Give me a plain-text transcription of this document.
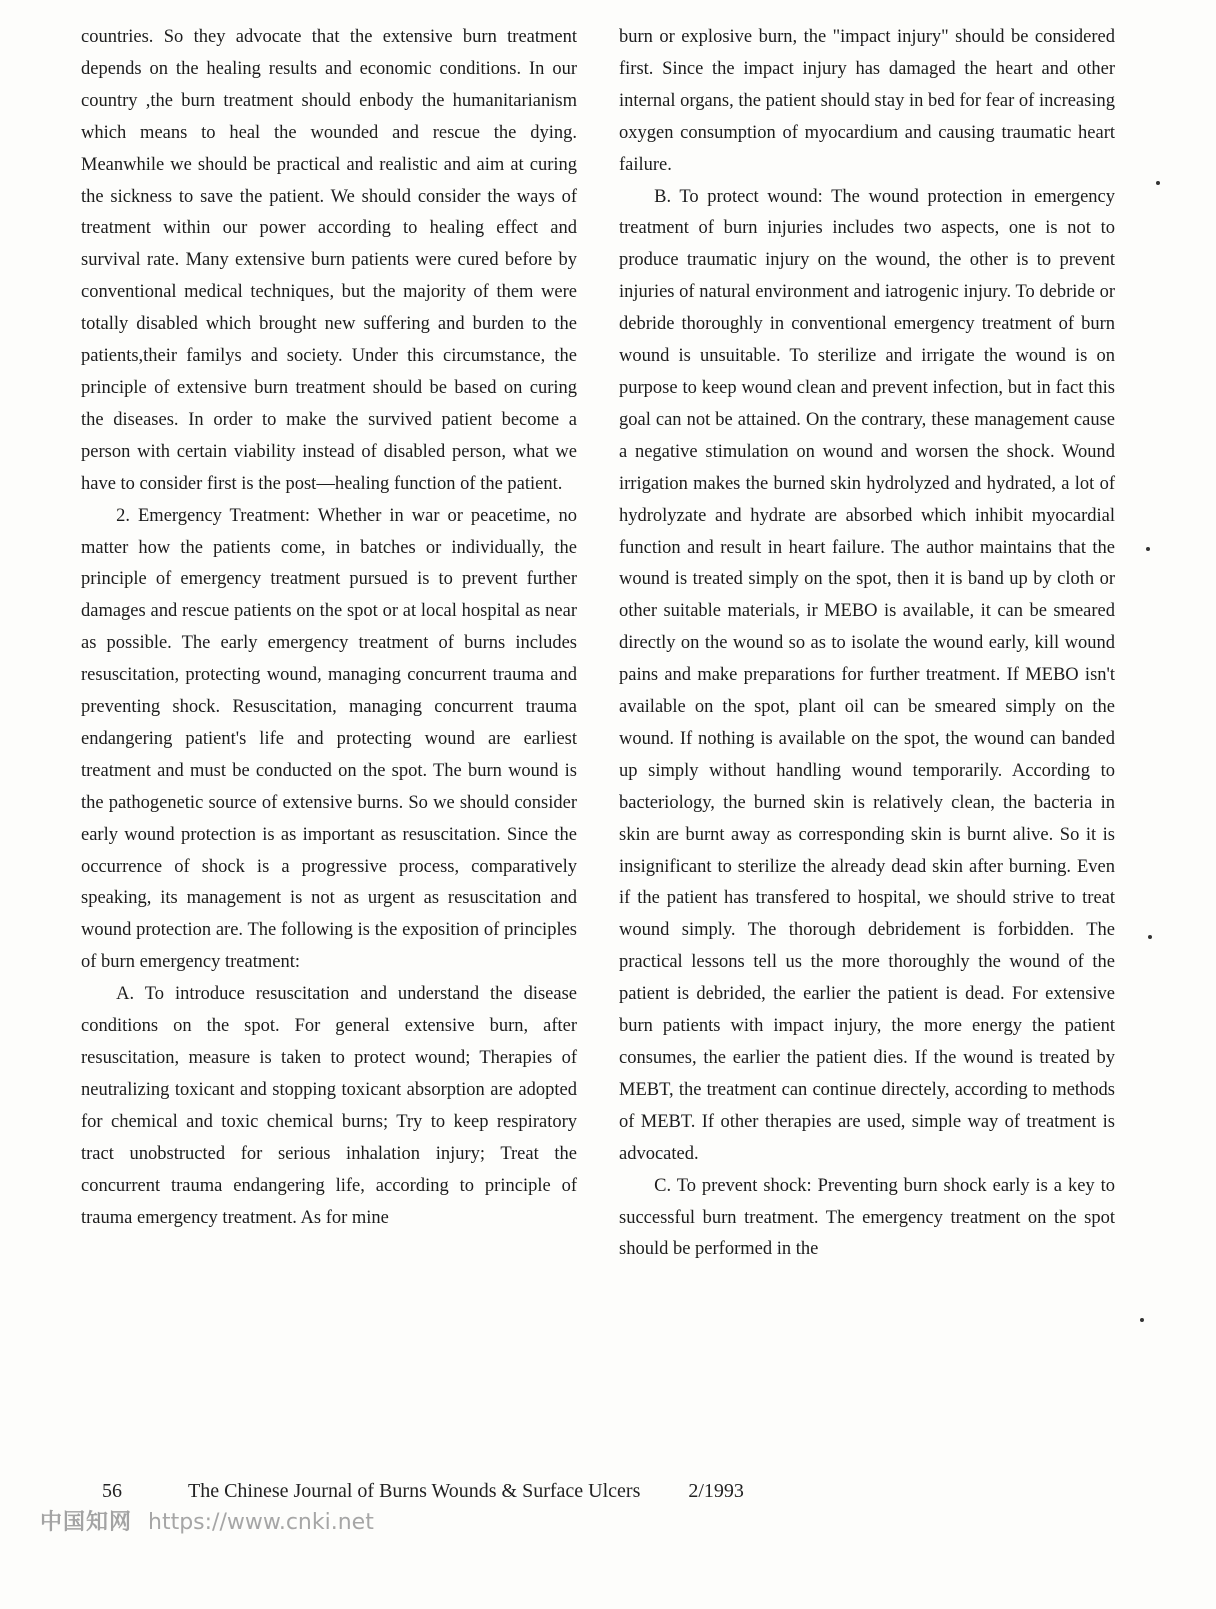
countries. So they advocate that the extensive burn treatment depends on the healing results and economic conditions. In our country ,the burn treatment should enbody the humanitarianism which means to heal the wounded and rescue the dying. Meanwhile we should be practical and realistic and aim at curing the sickness to save the patient. We should consider the ways of treatment within our power according to healing effect and survival rate. Many extensive burn patients were cured before by conventional medical techniques, but the majority of them were totally disabled which brought new suffering and burden to the patients,their familys and society. Under this circumstance, the principle of extensive burn treatment should be based on curing the diseases. In order to make the survived patient become a person with certain viability instead of disabled person, what we have to consider first is the post—healing function of the patient.

2. Emergency Treatment: Whether in war or peacetime, no matter how the patients come, in batches or individually, the principle of emergency treatment pursued is to prevent further damages and rescue patients on the spot or at local hospital as near as possible. The early emergency treatment of burns includes resuscitation, protecting wound, managing concurrent trauma and preventing shock. Resuscitation, managing concurrent trauma endangering patient's life and protecting wound are earliest treatment and must be conducted on the spot. The burn wound is the pathogenetic source of extensive burns. So we should consider early wound protection is as important as resuscitation. Since the occurrence of shock is a progressive process, comparatively speaking, its management is not as urgent as resuscitation and wound protection are. The following is the exposition of principles of burn emergency treatment:

A. To introduce resuscitation and understand the disease conditions on the spot. For general extensive burn, after resuscitation, measure is taken to protect wound; Therapies of neutralizing toxicant and stopping toxicant absorption are adopted for chemical and toxic chemical burns; Try to keep respiratory tract unobstructed for serious inhalation injury; Treat the concurrent trauma endangering life, according to principle of trauma emergency treatment. As for mine

burn or explosive burn, the "impact injury" should be considered first. Since the impact injury has damaged the heart and other internal organs, the patient should stay in bed for fear of increasing oxygen consumption of myocardium and causing traumatic heart failure.

B. To protect wound: The wound protection in emergency treatment of burn injuries includes two aspects, one is not to produce traumatic injury on the wound, the other is to prevent injuries of natural environment and iatrogenic injury. To debride or debride thoroughly in conventional emergency treatment of burn wound is unsuitable. To sterilize and irrigate the wound is on purpose to keep wound clean and prevent infection, but in fact this goal can not be attained. On the contrary, these management cause a negative stimulation on wound and worsen the shock. Wound irrigation makes the burned skin hydrolyzed and hydrated, a lot of hydrolyzate and hydrate are absorbed which inhibit myocardial function and result in heart failure. The author maintains that the wound is treated simply on the spot, then it is band up by cloth or other suitable materials, ir MEBO is available, it can be smeared directly on the wound so as to isolate the wound early, kill wound pains and make preparations for further treatment. If MEBO isn't available on the spot, plant oil can be smeared simply on the wound. If nothing is available on the spot, the wound can banded up simply without handling wound temporarily. According to bacteriology, the burned skin is relatively clean, the bacteria in skin are burnt away as corresponding skin is burnt alive. So it is insignificant to sterilize the already dead skin after burning. Even if the patient has transfered to hospital, we should strive to treat wound simply. The thorough debridement is forbidden. The practical lessons tell us the more thoroughly the wound of the patient is debrided, the earlier the patient is dead. For extensive burn patients with impact injury, the more energy the patient consumes, the earlier the patient dies. If the wound is treated by MEBT, the treatment can continue directely, according to methods of MEBT. If other therapies are used, simple way of treatment is advocated.

C. To prevent shock: Preventing burn shock early is a key to successful burn treatment. The emergency treatment on the spot should be performed in the

56	The Chinese Journal of Burns Wounds & Surface Ulcers 2/1993
中国知网 https://www.cnki.net
